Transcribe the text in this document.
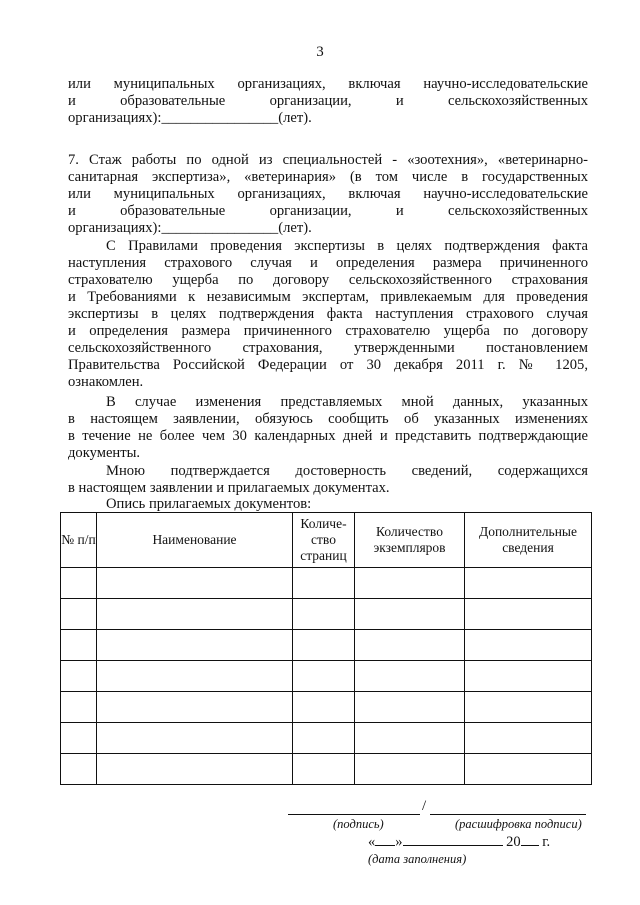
3
или муниципальных организациях, включая научно-исследовательские
и образовательные организации, и сельскохозяйственных
организациях):________________(лет).
7. Стаж работы по одной из специальностей - «зоотехния», «ветеринарно-
санитарная экспертиза», «ветеринария» (в том числе в государственных
или муниципальных организациях, включая научно-исследовательские
и образовательные организации, и сельскохозяйственных
организациях):________________(лет).
С Правилами проведения экспертизы в целях подтверждения факта
наступления страхового случая и определения размера причиненного
страхователю ущерба по договору сельскохозяйственного страхования
и Требованиями к независимым экспертам, привлекаемым для проведения
экспертизы в целях подтверждения факта наступления страхового случая
и определения размера причиненного страхователю ущерба по договору
сельскохозяйственного страхования, утвержденными постановлением
Правительства Российской Федерации от 30 декабря 2011 г. № 1205,
ознакомлен.
В случае изменения представляемых мной данных, указанных
в настоящем заявлении, обязуюсь сообщить об указанных изменениях
в течение не более чем 30 календарных дней и представить подтверждающие
документы.
Мною подтверждается достоверность сведений, содержащихся
в настоящем заявлении и прилагаемых документах.
Опись прилагаемых документов:
№ п/п	Наименование	Количе-ство страниц	Количество экземпляров	Дополнительные сведения

/
(подпись)	(расшифровка подписи)
« »	20 г.
(дата заполнения)
